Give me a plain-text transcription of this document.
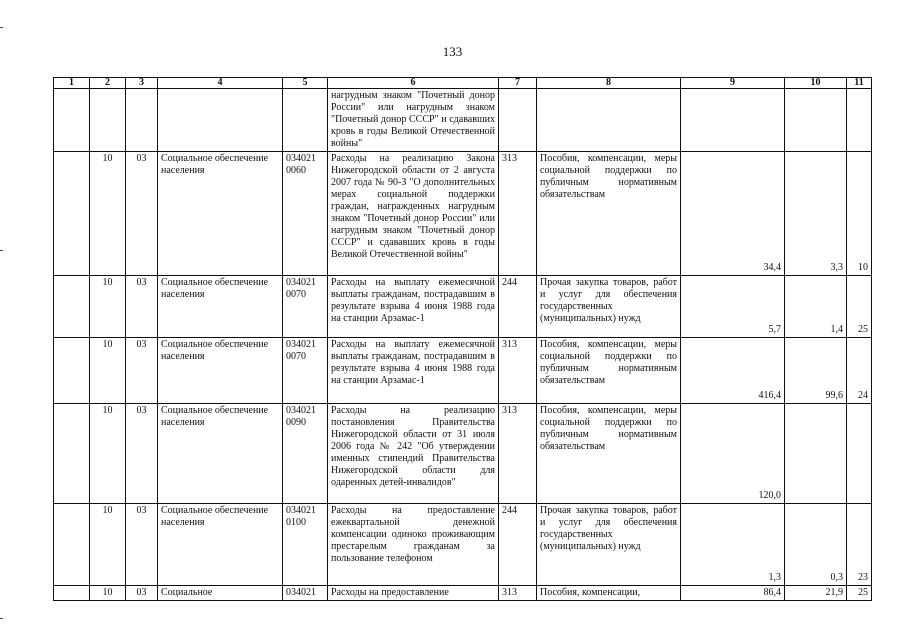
133
1	2	3	4	5	6	7	8	9	10	11
					нагрудным знаком "Почетный донор России" или нагрудным знаком "Почетный донор СССР" и сдававших кровь в годы Великой Отечественной войны"					
	10	03	Социальное обеспечение населения	034021 0060	Расходы на реализацию Закона Нижегородской области от 2 августа 2007 года № 90-З "О дополнительных мерах социальной поддержки граждан, награжденных нагрудным знаком "Почетный донор России" или нагрудным знаком "Почетный донор СССР" и сдававших кровь в годы Великой Отечественной войны"	313	Пособия, компенсации, меры социальной поддержки по публичным нормативным обязательствам	34,4	3,3	10
	10	03	Социальное обеспечение населения	034021 0070	Расходы на выплату ежемесячной выплаты гражданам, пострадавшим в результате взрыва 4 июня 1988 года на станции Арзамас-1	244	Прочая закупка товаров, работ и услуг для обеспечения государственных (муниципальных) нужд	5,7	1,4	25
	10	03	Социальное обеспечение населения	034021 0070	Расходы на выплату ежемесячной выплаты гражданам, пострадавшим в результате взрыва 4 июня 1988 года на станции Арзамас-1	313	Пособия, компенсации, меры социальной поддержки по публичным нормативным обязательствам	416,4	99,6	24
	10	03	Социальное обеспечение населения	034021 0090	Расходы на реализацию постановления Правительства Нижегородской области от 31 июля 2006 года № 242 "Об утверждении именных стипендий Правительства Нижегородской области для одаренных детей-инвалидов"	313	Пособия, компенсации, меры социальной поддержки по публичным нормативным обязательствам	120,0		
	10	03	Социальное обеспечение населения	034021 0100	Расходы на предоставление ежеквартальной денежной компенсации одиноко проживающим престарелым гражданам за пользование телефоном	244	Прочая закупка товаров, работ и услуг для обеспечения государственных (муниципальных) нужд	1,3	0,3	23
	10	03	Социальное	034021	Расходы на предоставление	313	Пособия, компенсации,	86,4	21,9	25
